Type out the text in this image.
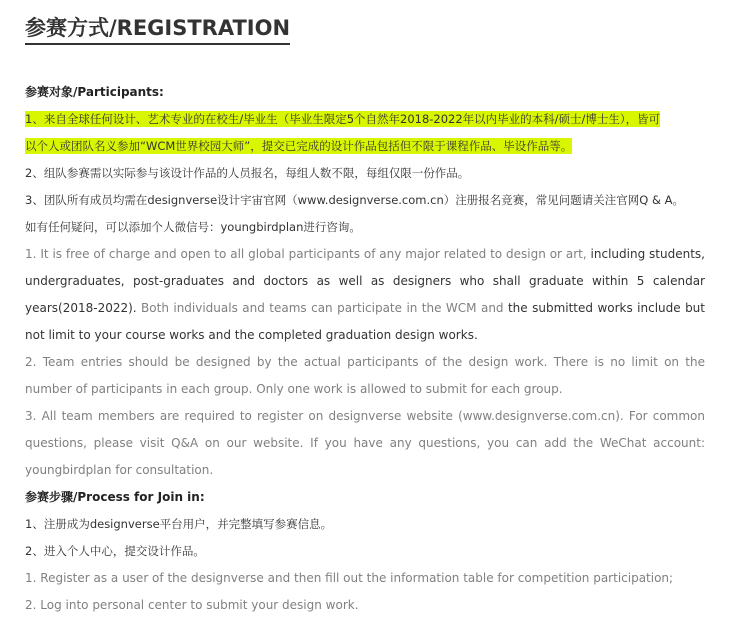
参赛方式/REGISTRATION
参赛对象/Participants:
1、来自全球任何设计、艺术专业的在校生/毕业生（毕业生限定5个自然年2018-2022年以内毕业的本科/硕士/博士生），皆可
以个人或团队名义参加“WCM世界校园大师”，提交已完成的设计作品包括但不限于课程作品、毕设作品等。
2、组队参赛需以实际参与该设计作品的人员报名，每组人数不限，每组仅限一份作品。
3、团队所有成员均需在designverse设计宇宙官网（www.designverse.com.cn）注册报名竞赛，常见问题请关注官网Q & A。
如有任何疑问，可以添加个人微信号：youngbirdplan进行咨询。
1. It is free of charge and open to all global participants of any major related to design or art, including students, undergraduates, post-graduates and doctors as well as designers who shall graduate within 5 calendar years(2018-2022). Both individuals and teams can participate in the WCM and the submitted works include but not limit to your course works and the completed graduation design works.
2. Team entries should be designed by the actual participants of the design work. There is no limit on the number of participants in each group. Only one work is allowed to submit for each group.
3. All team members are required to register on designverse website (www.designverse.com.cn). For common questions, please visit Q&A on our website. If you have any questions, you can add the WeChat account: youngbirdplan for consultation.
参赛步骤/Process for Join in:
1、注册成为designverse平台用户，并完整填写参赛信息。
2、进入个人中心，提交设计作品。
1. Register as a user of the designverse and then fill out the information table for competition participation;
2. Log into personal center to submit your design work.
